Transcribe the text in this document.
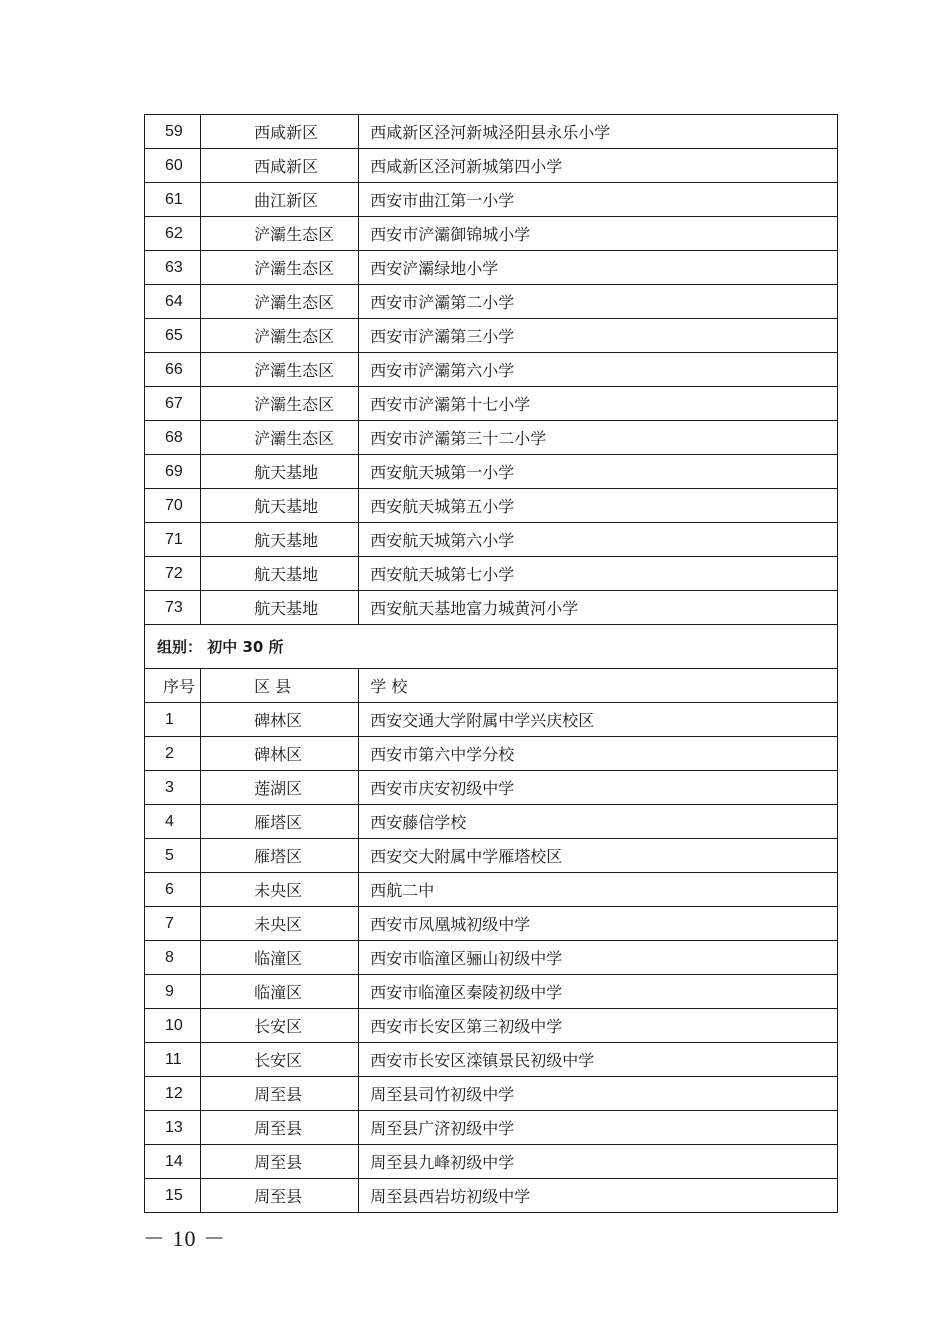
59	西咸新区	西咸新区泾河新城泾阳县永乐小学
60	西咸新区	西咸新区泾河新城第四小学
61	曲江新区	西安市曲江第一小学
62	浐灞生态区	西安市浐灞御锦城小学
63	浐灞生态区	西安浐灞绿地小学
64	浐灞生态区	西安市浐灞第二小学
65	浐灞生态区	西安市浐灞第三小学
66	浐灞生态区	西安市浐灞第六小学
67	浐灞生态区	西安市浐灞第十七小学
68	浐灞生态区	西安市浐灞第三十二小学
69	航天基地	西安航天城第一小学
70	航天基地	西安航天城第五小学
71	航天基地	西安航天城第六小学
72	航天基地	西安航天城第七小学
73	航天基地	西安航天基地富力城黄河小学
组别： 初中 30 所		
序号	区 县	学 校
1	碑林区	西安交通大学附属中学兴庆校区
2	碑林区	西安市第六中学分校
3	莲湖区	西安市庆安初级中学
4	雁塔区	西安藤信学校
5	雁塔区	西安交大附属中学雁塔校区
6	未央区	西航二中
7	未央区	西安市凤凰城初级中学
8	临潼区	西安市临潼区骊山初级中学
9	临潼区	西安市临潼区秦陵初级中学
10	长安区	西安市长安区第三初级中学
11	长安区	西安市长安区滦镇景民初级中学
12	周至县	周至县司竹初级中学
13	周至县	周至县广济初级中学
14	周至县	周至县九峰初级中学
15	周至县	周至县西岩坊初级中学
－ 10 －
